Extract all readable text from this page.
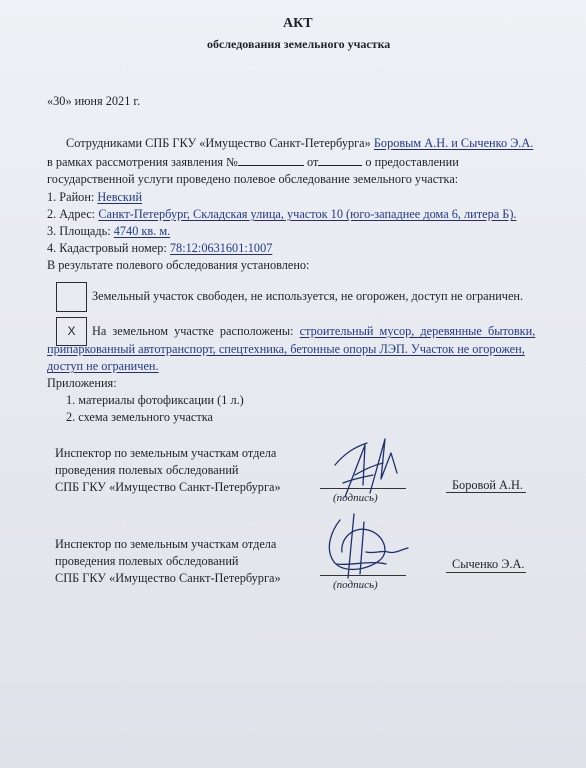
АКТ
обследования земельного участка
«30» июня 2021 г.
Сотрудниками СПБ ГКУ «Имущество Санкт-Петербурга» Боровым А.Н. и Сыченко Э.А.
в рамках рассмотрения заявления №	от	о предоставлении
государственной услуги проведено полевое обследование земельного участка:
1. Район: Невский
2. Адрес: Санкт-Петербург, Складская улица, участок 10 (юго-западнее дома 6, литера Б).
3. Площадь: 4740 кв. м.
4. Кадастровый номер: 78:12:0631601:1007
В результате полевого обследования установлено:
Земельный участок свободен, не используется, не огорожен, доступ не ограничен.
X	На земельном участке расположены: строительный мусор, деревянные бытовки,
припаркованный автотранспорт, спецтехника, бетонные опоры ЛЭП. Участок не огорожен,
доступ не ограничен.
Приложения:
1. материалы фотофиксации (1 л.)
2. схема земельного участка
Инспектор по земельным участкам отдела
проведения полевых обследований
СПБ ГКУ «Имущество Санкт-Петербурга»
(подпись)
Боровой А.Н.
Инспектор по земельным участкам отдела
проведения полевых обследований
СПБ ГКУ «Имущество Санкт-Петербурга»	(подпись)
Сыченко Э.А.
